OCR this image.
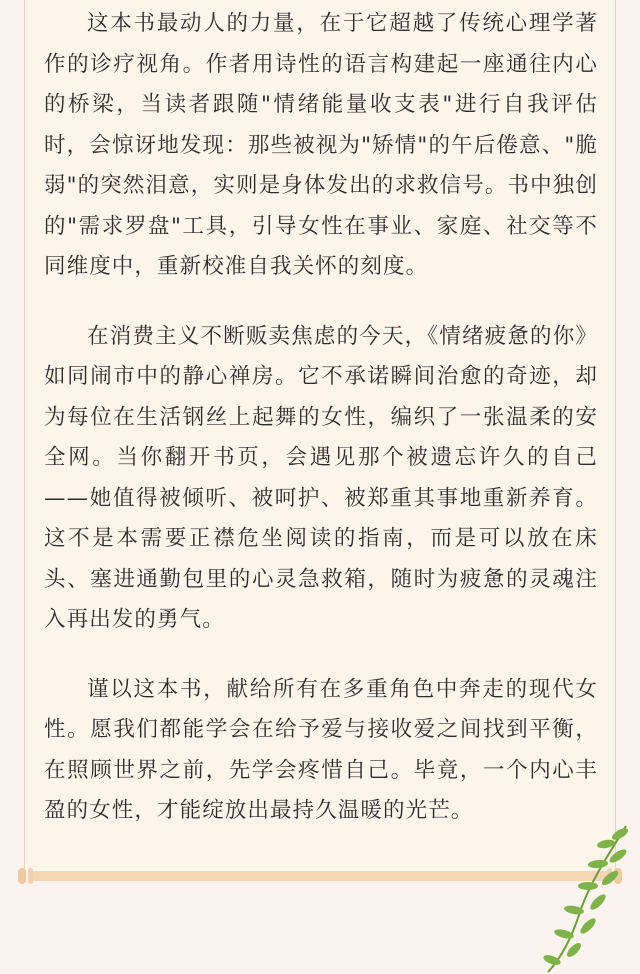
这本书最动人的力量，在于它超越了传统心理学著作的诊疗视角。作者用诗性的语言构建起一座通往内心的桥梁，当读者跟随"情绪能量收支表"进行自我评估时，会惊讶地发现：那些被视为"矫情"的午后倦意、"脆弱"的突然泪意，实则是身体发出的求救信号。书中独创的"需求罗盘"工具，引导女性在事业、家庭、社交等不同维度中，重新校准自我关怀的刻度。

在消费主义不断贩卖焦虑的今天，《情绪疲惫的你》如同闹市中的静心禅房。它不承诺瞬间治愈的奇迹，却为每位在生活钢丝上起舞的女性，编织了一张温柔的安全网。当你翻开书页，会遇见那个被遗忘许久的自己——她值得被倾听、被呵护、被郑重其事地重新养育。这不是本需要正襟危坐阅读的指南，而是可以放在床头、塞进通勤包里的心灵急救箱，随时为疲惫的灵魂注入再出发的勇气。

谨以这本书，献给所有在多重角色中奔走的现代女性。愿我们都能学会在给予爱与接收爱之间找到平衡，在照顾世界之前，先学会疼惜自己。毕竟，一个内心丰盈的女性，才能绽放出最持久温暖的光芒。
